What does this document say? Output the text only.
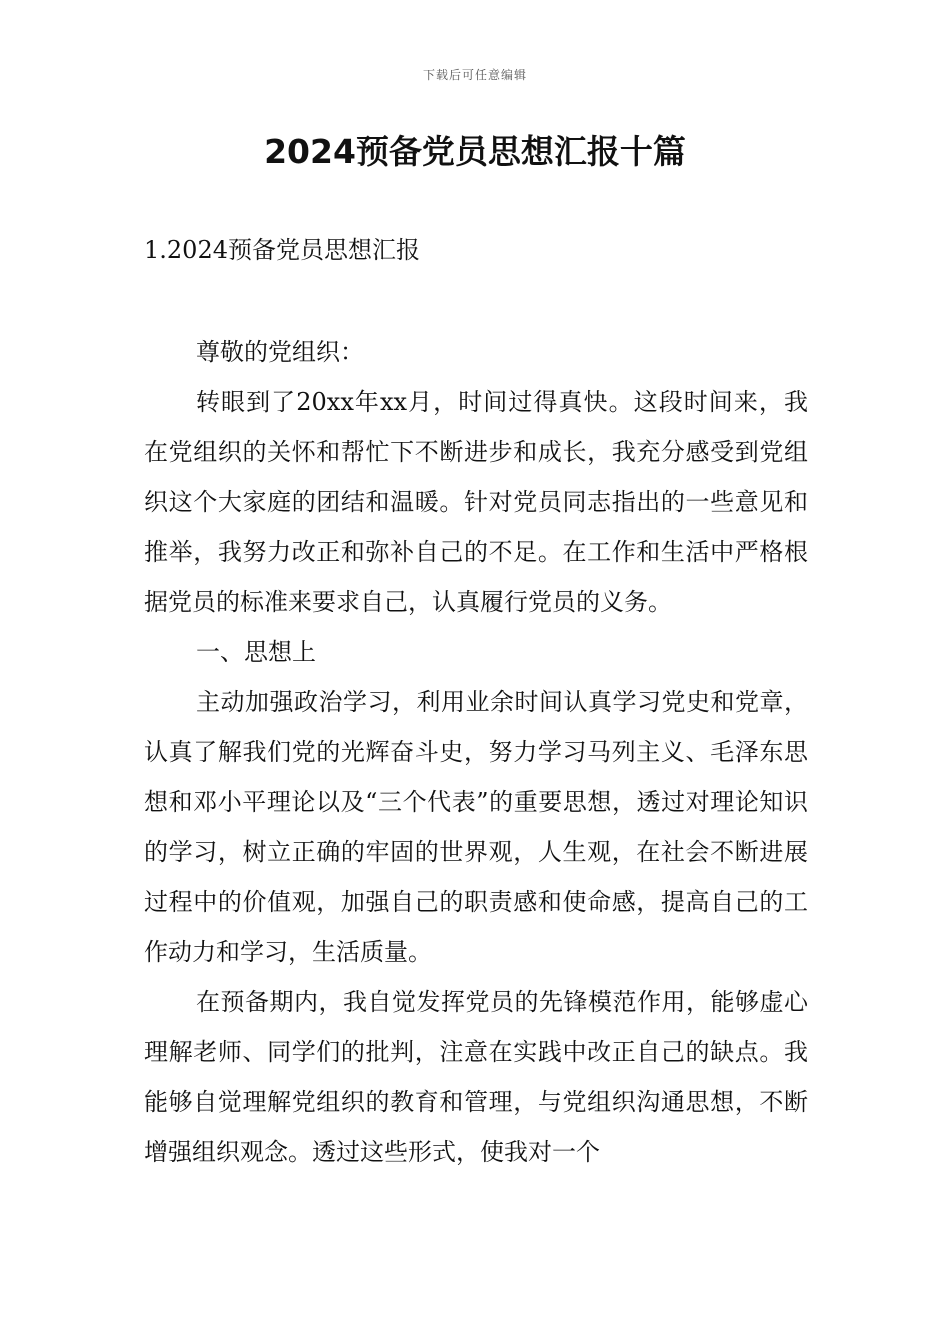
下载后可任意编辑
2024预备党员思想汇报十篇
1.2024预备党员思想汇报

尊敬的党组织：

转眼到了20xx年xx月，时间过得真快。这段时间来，我在党组织的关怀和帮忙下不断进步和成长，我充分感受到党组织这个大家庭的团结和温暖。针对党员同志指出的一些意见和推举，我努力改正和弥补自己的不足。在工作和生活中严格根据党员的标准来要求自己，认真履行党员的义务。

一、思想上

主动加强政治学习，利用业余时间认真学习党史和党章，认真了解我们党的光辉奋斗史，努力学习马列主义、毛泽东思想和邓小平理论以及“三个代表”的重要思想，透过对理论知识的学习，树立正确的牢固的世界观，人生观，在社会不断进展过程中的价值观，加强自己的职责感和使命感，提高自己的工作动力和学习，生活质量。

在预备期内，我自觉发挥党员的先锋模范作用，能够虚心理解老师、同学们的批判，注意在实践中改正自己的缺点。我能够自觉理解党组织的教育和管理，与党组织沟通思想，不断增强组织观念。透过这些形式，使我对一个
